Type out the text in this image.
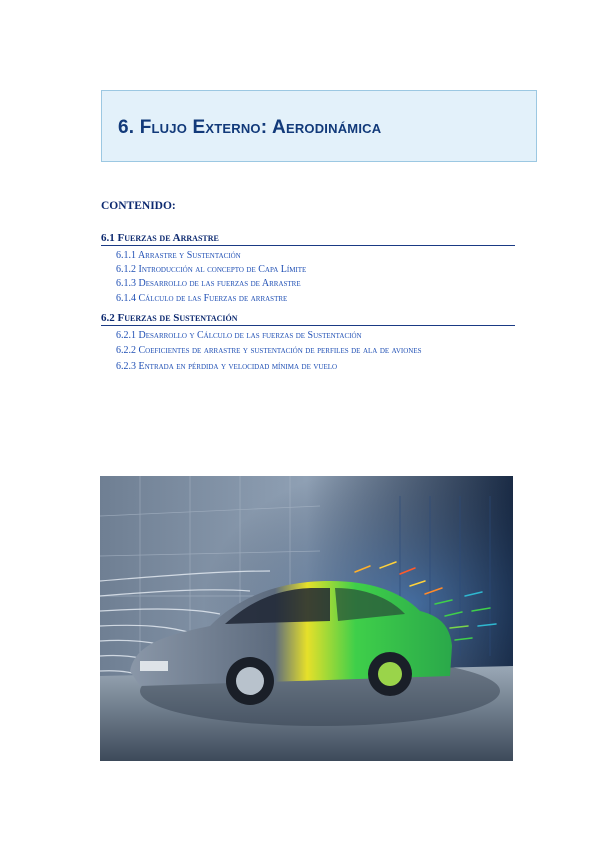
6. Flujo Externo: Aerodinámica
CONTENIDO:
6.1 Fuerzas de Arrastre
6.1.1 Arrastre y Sustentación
6.1.2 Introducción al concepto de Capa Límite
6.1.3 Desarrollo de las fuerzas de Arrastre
6.1.4 Cálculo de las Fuerzas de arrastre
6.2 Fuerzas de Sustentación
6.2.1 Desarrollo y Cálculo de las fuerzas de Sustentación
6.2.2 Coeficientes de arrastre y sustentación de perfiles de ala de aviones
6.2.3 Entrada en pérdida y velocidad mínima de vuelo
